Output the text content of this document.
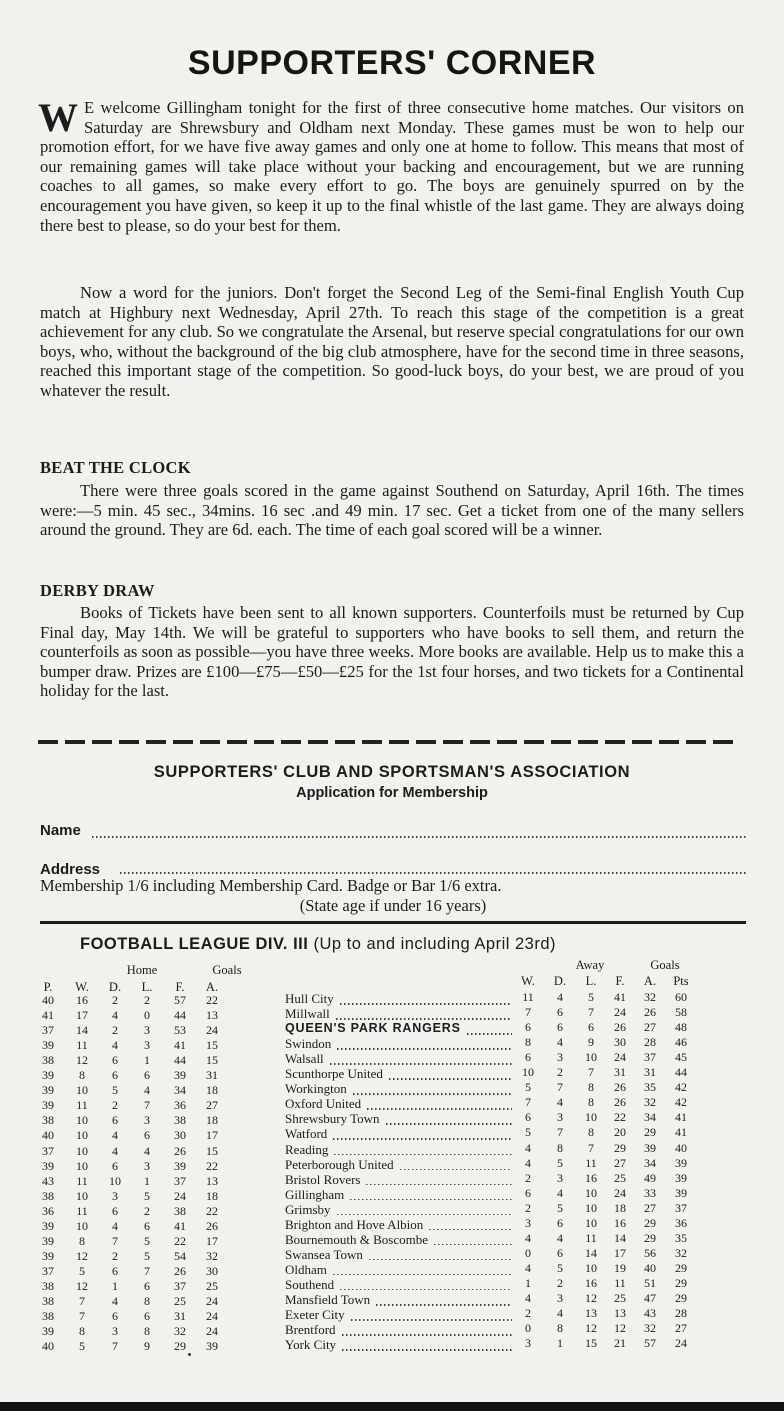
SUPPORTERS' CORNER

W E welcome Gillingham tonight for the first of three consecutive home matches. Our visitors on Saturday are Shrewsbury and Oldham next Monday. These games must be won to help our promotion effort, for we have five away games and only one at home to follow. This means that most of our remaining games will take place without your backing and encouragement, but we are running coaches to all games, so make every effort to go. The boys are genuinely spurred on by the encouragement you have given, so keep it up to the final whistle of the last game. They are always doing there best to please, so do your best for them.

Now a word for the juniors. Don't forget the Second Leg of the Semi-final English Youth Cup match at Highbury next Wednesday, April 27th. To reach this stage of the competition is a great achievement for any club. So we congratulate the Arsenal, but reserve special congratulations for our own boys, who, without the background of the big club atmosphere, have for the second time in three seasons, reached this important stage of the competition. So good-luck boys, do your best, we are proud of you whatever the result.

BEAT THE CLOCK

There were three goals scored in the game against Southend on Saturday, April 16th. The times were:—5 min. 45 sec., 34mins. 16 sec .and 49 min. 17 sec. Get a ticket from one of the many sellers around the ground. They are 6d. each. The time of each goal scored will be a winner.

DERBY DRAW

Books of Tickets have been sent to all known supporters. Counterfoils must be returned by Cup Final day, May 14th. We will be grateful to supporters who have books to sell them, and return the counterfoils as soon as possible—you have three weeks. More books are available. Help us to make this a bumper draw. Prizes are £100—£75—£50—£25 for the 1st four horses, and two tickets for a Continental holiday for the last.

SUPPORTERS' CLUB AND SPORTSMAN'S ASSOCIATION
Application for Membership
Name
Address
Membership 1/6 including Membership Card. Badge or Bar 1/6 extra.
(State age if under 16 years)
FOOTBALL LEAGUE DIV. III (Up to and including April 23rd)
Home	Goals	Away	Goals
P.	W.	D.	L.	F.	A.	W.	D.	L.	F.	A.	Pts
40	16	2	2	57	22	Hull City	11	4	5	41	32	60
41	17	4	0	44	13	Millwall	7	6	7	24	26	58
37	14	2	3	53	24	QUEEN'S PARK RANGERS	6	6	6	26	27	48
39	11	4	3	41	15	Swindon	8	4	9	30	28	46
38	12	6	1	44	15	Walsall	6	3	10	24	37	45
39	8	6	6	39	31	Scunthorpe United	10	2	7	31	31	44
39	10	5	4	34	18	Workington	5	7	8	26	35	42
39	11	2	7	36	27	Oxford United	7	4	8	26	32	42
38	10	6	3	38	18	Shrewsbury Town	6	3	10	22	34	41
40	10	4	6	30	17	Watford	5	7	8	20	29	41
37	10	4	4	26	15	Reading	4	8	7	29	39	40
39	10	6	3	39	22	Peterborough United	4	5	11	27	34	39
43	11	10	1	37	13	Bristol Rovers	2	3	16	25	49	39
38	10	3	5	24	18	Gillingham	6	4	10	24	33	39
36	11	6	2	38	22	Grimsby	2	5	10	18	27	37
39	10	4	6	41	26	Brighton and Hove Albion	3	6	10	16	29	36
39	8	7	5	22	17	Bournemouth & Boscombe	4	4	11	14	29	35
39	12	2	5	54	32	Swansea Town	0	6	14	17	56	32
37	5	6	7	26	30	Oldham	4	5	10	19	40	29
38	12	1	6	37	25	Southend	1	2	16	11	51	29
38	7	4	8	25	24	Mansfield Town	4	3	12	25	47	29
38	7	6	6	31	24	Exeter City	2	4	13	13	43	28
39	8	3	8	32	24	Brentford	0	8	12	12	32	27
40	5	7	9	29	39	York City	3	1	15	21	57	24
